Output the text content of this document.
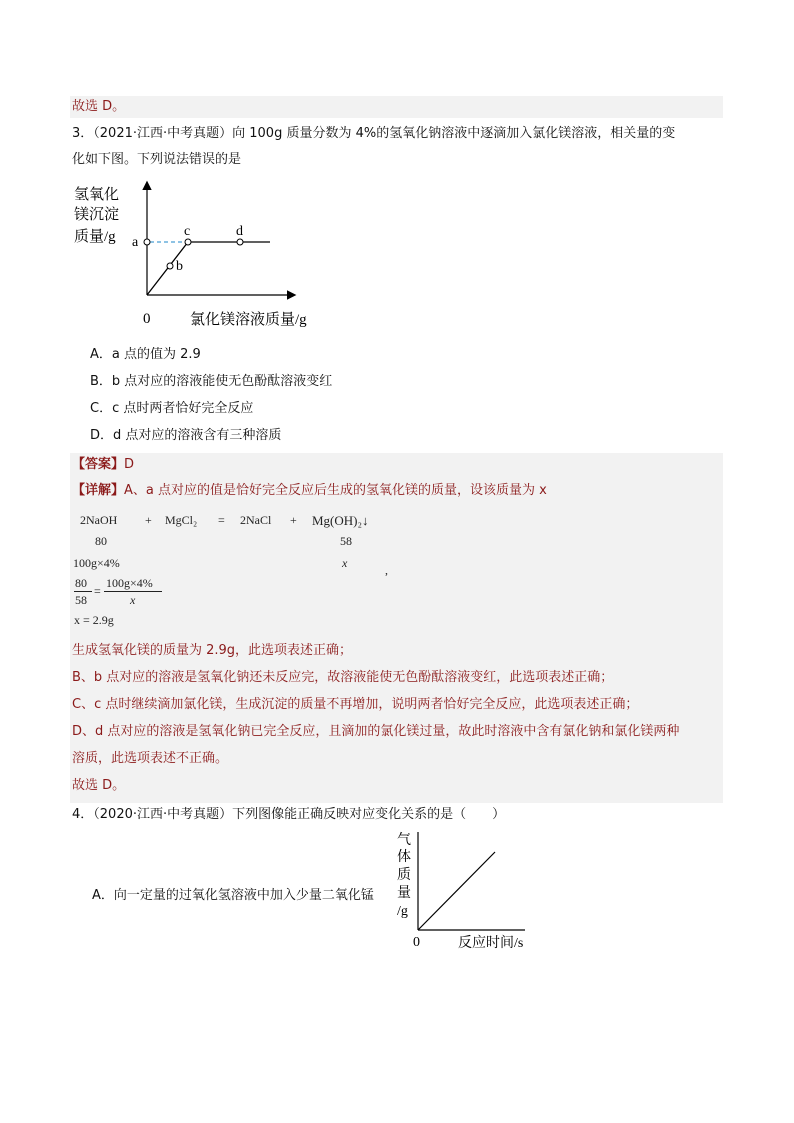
故选 D。
3．（2021·江西·中考真题）向 100g 质量分数为 4%的氢氧化钠溶液中逐滴加入氯化镁溶液，相关量的变
化如下图。下列说法错误的是
氢氧化
镁沉淀
质量/g a
b
c	d
0	氯化镁溶液质量/g
A．a 点的值为 2.9
B．b 点对应的溶液能使无色酚酞溶液变红
C．c 点时两者恰好完全反应
D．d 点对应的溶液含有三种溶质
【答案】D
【详解】A、a 点对应的值是恰好完全反应后生成的氢氧化镁的质量，设该质量为 x
2NaOH + MgCl₂ = 2NaCl + Mg(OH)₂↓
80	58
100g×4%	x	,
80
58
=
100g×4%
x
x = 2.9g
生成氢氧化镁的质量为 2.9g，此选项表述正确；
B、b 点对应的溶液是氢氧化钠还未反应完，故溶液能使无色酚酞溶液变红，此选项表述正确；
C、c 点时继续滴加氯化镁，生成沉淀的质量不再增加，说明两者恰好完全反应，此选项表述正确；
D、d 点对应的溶液是氢氧化钠已完全反应，且滴加的氯化镁过量，故此时溶液中含有氯化钠和氯化镁两种
溶质，此选项表述不正确。
故选 D。
4．（2020·江西·中考真题）下列图像能正确反映对应变化关系的是（　　）
A．向一定量的过氧化氢溶液中加入少量二氧化锰
气
体
质
量
/g
0	反应时间/s
